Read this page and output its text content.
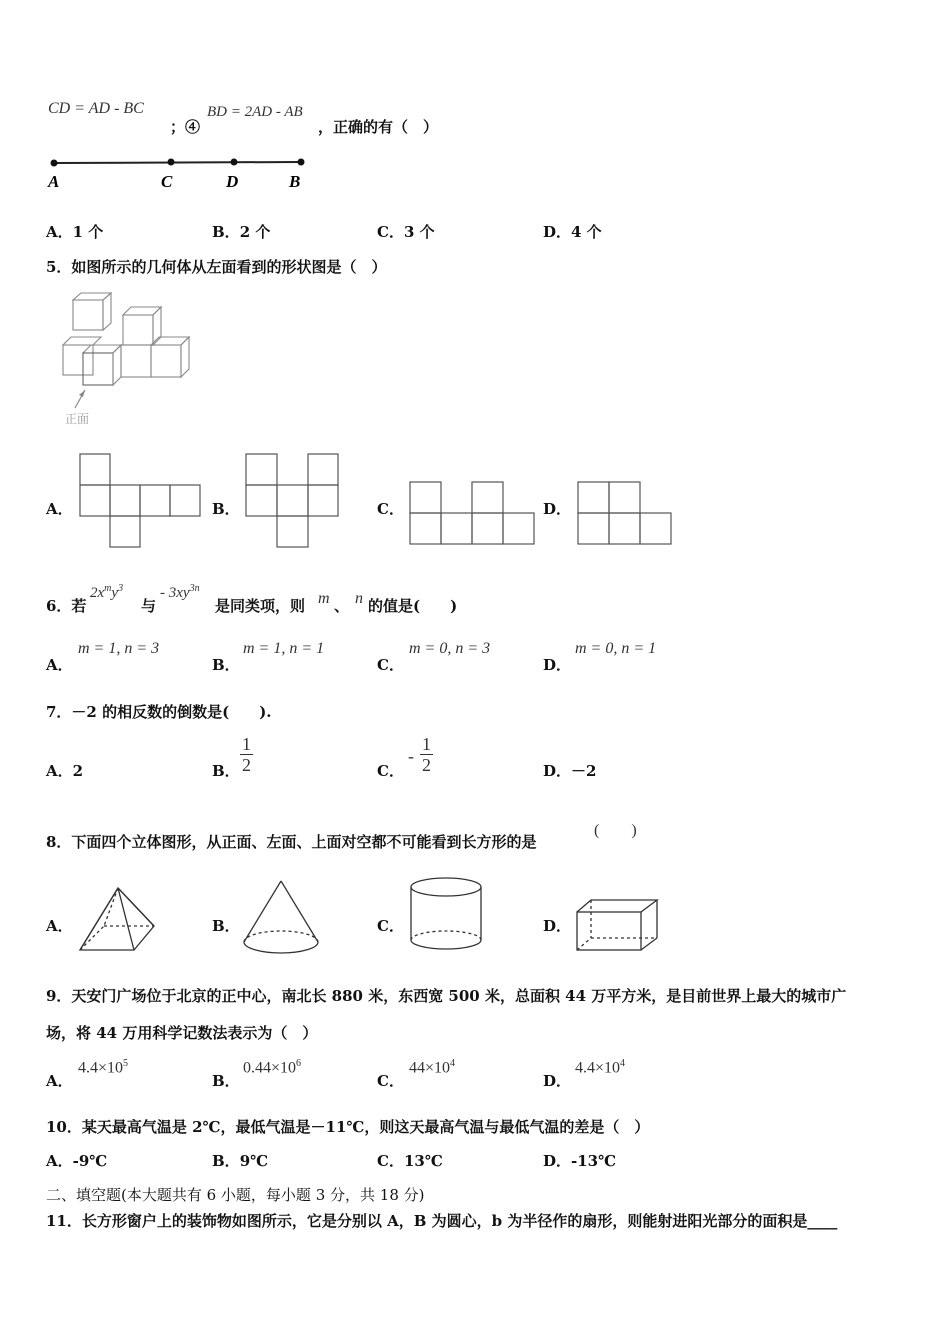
CD = AD - BC
；④
BD = 2AD - AB
，正确的有（　）
A	C	D	B
A．1 个	B．2 个	C．3 个	D．4 个
5．如图所示的几何体从左面看到的形状图是（　）
正面
A．	B．	C．	D．
6．若
$2x^my^3$
与
- $3xy^{3n}$
是同类项，则 m 、 n 的值是(　　)
A．
m = 1, n = 3
B．
m = 1, n = 1
C．
m = 0, n = 3
D．
m = 0, n = 1
7．－2 的相反数的倒数是(　　).
A．2	B． $\frac{1}{2}$	C．
- $\frac{1}{2}$	D．－2
8．下面四个立体图形，从正面、左面、上面对空都不可能看到长方形的是
(　　)
A．	B．	C．	D．
9．天安门广场位于北京的正中心，南北长 880 米，东西宽 500 米，总面积 44 万平方米，是目前世界上最大的城市广
场，将 44 万用科学记数法表示为（　）
A．
$4.4\times 10^5$
B．
$0.44\times 10^6$
C．
$44\times 10^4$
D．
$4.4\times 10^4$
10．某天最高气温是 2℃，最低气温是－11℃，则这天最高气温与最低气温的差是（　）
A．-9℃	B．9℃	C．13℃	D．-13℃
二、填空题(本大题共有 6 小题，每小题 3 分，共 18 分)
11．长方形窗户上的装饰物如图所示，它是分别以 A，B 为圆心，b 为半径作的扇形，则能射进阳光部分的面积是____
